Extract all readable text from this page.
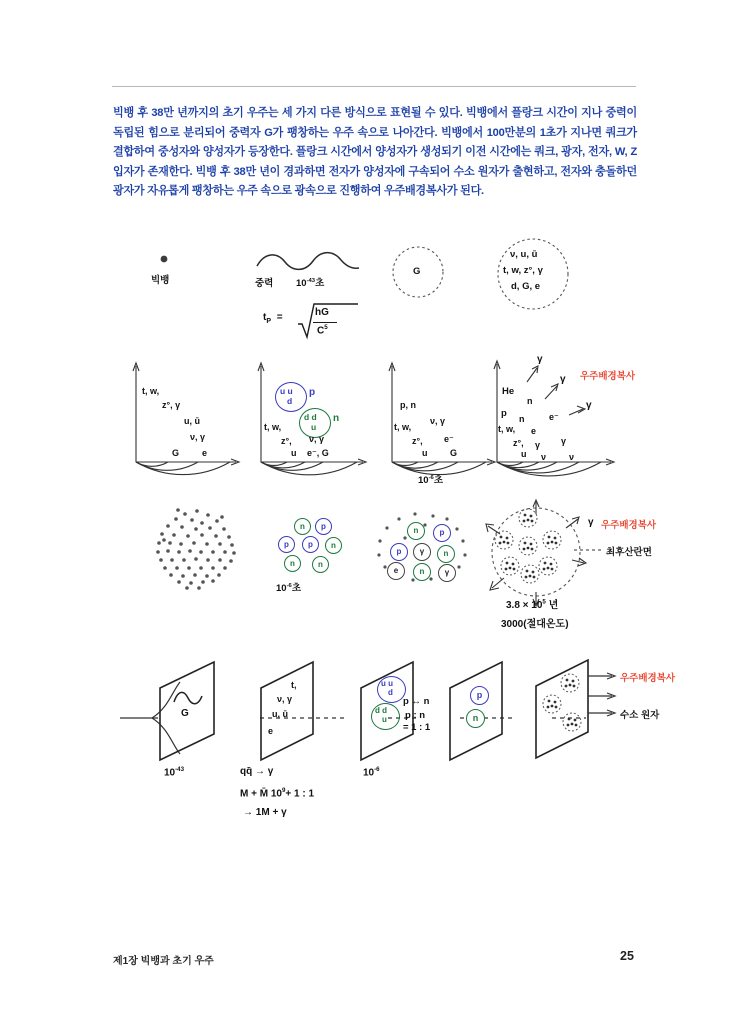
빅뱅 후 38만 년까지의 초기 우주는 세 가지 다른 방식으로 표현될 수 있다. 빅뱅에서 플랑크 시간이 지나 중력이 독립된 힘으로 분리되어 중력자 G가 팽창하는 우주 속으로 나아간다. 빅뱅에서 100만분의 1초가 지나면 쿼크가 결합하여 중성자와 양성자가 등장한다. 플랑크 시간에서 양성자가 생성되기 이전 시간에는 쿼크, 광자, 전자, W, Z입자가 존재한다. 빅뱅 후 38만 년이 경과하면 전자가 양성자에 구속되어 수소 원자가 출현하고, 전자와 충돌하던 광자가 자유롭게 팽창하는 우주 속으로 광속으로 진행하여 우주배경복사가 된다.

빅뱅	중력 $10^{-43}$초
$t_P$ =	hG
$C^5$
G
ν, u, ū
t, w, z°, γ
d, G, e
t, w,
z°, γ
u, ū
ν, γ
G	e
u u
d
p
d d
u
n
t, w,
z°,
u
ν, γ
e⁻, G
p, n
t, w,
z°,
u
ν, γ
e⁻
G
$10^{-6}$초
He
p
t, w,
z°,
u
n
n
e
γ
ν
e⁻
γ
ν
γ
γ
γ
우주배경복사
n	p
p	p	n
n	n
$10^{-6}$초
n	p
p	γ	n
e	n	γ
γ 우주배경복사
최후산란면
$3.8 \times 10^5$ 년
3000(절대온도)
G
$10^{-43}$
t,
ν, γ
u, ū
e
qq̄ → γ
M + M̄ $10^9+ 1$ : 1
→ 1M + γ
u u
d
d d
u
$10^{-6}$
p ↔ n
p : n
= 1 : 1
p
n
우주배경복사
수소 원자
제1장 빅뱅과 초기 우주	25
